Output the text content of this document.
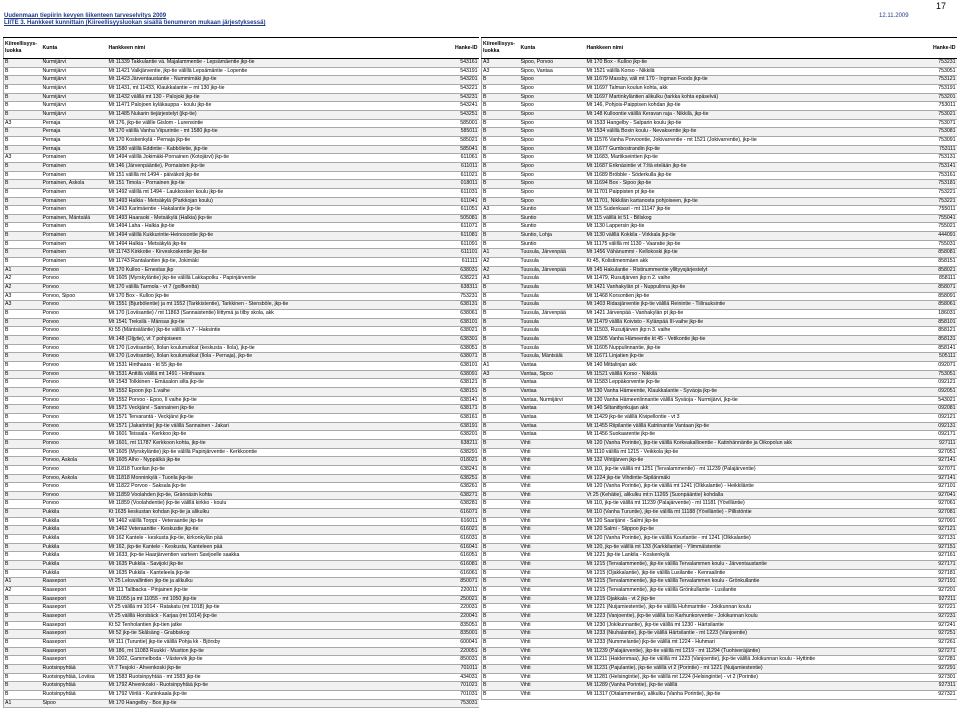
17
Uudenmaan tiepiirin kevyen liikenteen tarveselvitys 2009
LIITE 3. Hankkeet kunnittain (Kiireellisyysluokan sisällä tienumeron mukaan järjestyksessä)
12.11.2009
Kiireellisyys-luokka	Kunta	Hankkeen nimi	Hanke-ID
B	Nurmijärvi	Mt 11339 Takkulantie vä. Majalammentie - Lepsämäentie jkp-tie	543161
B	Nurmijärvi	Mt 11421 Valkjärventie, jkp-tie välillä Lepsämäntie - Lopentie	543191
B	Nurmijärvi	Mt 11423 Järventaustantie - Nummimäki jkp-tie	543201
B	Nurmijärvi	Mt 11431, mt 11433, Klaukkalantie – mt 130 jkp-tie	543221
B	Nurmijärvi	Mt 11432 välillä mt 130 - Palojoki jkp-tie	543231
B	Nurmijärvi	Mt 11471 Palojoen kyläkauppa - koulu jkp-tie	543241
B	Nurmijärvi	Mt 11485 Nukarin tiejärjestelyt (jkp-tie)	543251
A3	Pernaja	Mt 176, jkp-tie välille Gislom - Lurensintie	585001
B	Pernaja	Mt 170 välillä Vanha Viipurintie - mt 1580 jkp-tie	585011
B	Pernaja	Mt 170 Koskenkylä - Pernaja jkp-tie	585021
B	Pernaja	Mt 1580 välillä Eddintie - Kabböletie, jkp-tie	585041
A3	Pornainen	Mt 1494 välillä Jokimäki-Pornainen (Kotojärvi) jkp-tie	611061
B	Pornainen	Mt 146 (Järvenpääntie), Pornaisten jkp-tie	611011
B	Pornainen	Mt 151 välillä mt 1494 - päiväkoti jkp-tie	611021
B	Pornainen, Askola	Mt 151 Timola - Pornainen jkp-tie	018011
B	Pornainen	Mt 1492 välillä mt 1494 - Laukkosken koulu jkp-tie	611031
B	Pornainen	Mt 1493 Halkia - Metsäkylä (Parkkojan koulu)	611041
B	Pornainen	Mt 1493 Karimäentie - Hakalantie jkp-tie	611051
B	Pornainen, Mäntsälä	Mt 1493 Haaraoki - Metsäkylä (Halkia) jkp-tie	505081
B	Pornainen	Mt 1494 Laha - Halkia jkp-tie	611071
B	Pornainen	Mt 1494 välillä Kukkurintie-Heinosontie jkp-tie	611081
B	Pornainen	Mt 1494 Halkia - Metsäkylä jkp-tie	611091
B	Pornainen	Mt 11743 Kirkkotie - Kirveskoskentie jkp-tie	611101
B	Pornainen	Mt 11743 Rantalantien jkp-tie, Jokimäki	611111
A1	Porvoo	Mt 170 Kulloo - Ernestas jkp	638031
A2	Porvoo	Mt 1605 (Myrskyläntie) jkp-tie välillä Lakkapolku - Papinjärventie	638221
A2	Porvoo	Mt 170 välillä Tarmola - vt 7 (golfkenttä)	638311
A3	Porvoo, Sipoo	Mt 170 Box - Kulloo jkp-tie	753231
A3	Porvoo	Mt 1551 (Bjurbölentie) ja mt 1552 (Tarkkistentie), Tarkkinen - Stensböle, jkp-tie	638131
B	Porvoo	Mt 170 (Loviisantie) / mt 11863 (Sannaistentie) liittymä ja tilby skola, akk	638061
B	Porvoo	Mt 1541 Treksilä - Mänsas jkp-tie	638101
B	Porvoo	Kt 55 (Mäntsäläntie) jkp-tie välillä vt 7 - Haksintie	638021
B	Porvoo	Mt 148 (Oljytie), vt 7 pohjoiseen	638301
B	Porvoo	Mt 170 (Loviisantie), Ilolan koulumatkat (keskusta - Ilola), jkp-tie	638051
B	Porvoo	Mt 170 (Loviisantie), Ilolan koulumatkat (Ilola - Pernaja), jkp-tie	638071
B	Porvoo	Mt 1531 Hinthaara - kt 55 jkp-tie	638101
B	Porvoo	Mt 1531 Anttilä välillä mt 1491 - Hinthaara	638091
B	Porvoo	Mt 1543 Tolkkinen - Emäsalon silta jkp-tie	638121
B	Porvoo	Mt 1552 Epoon jkp 1.vaihe	638151
B	Porvoo	Mt 1552 Porvoo - Epoo, II vaihe jkp-tie	638141
B	Porvoo	Mt 1571 Veckjärvi - Sannainen jkp-tie	638171
B	Porvoo	Mt 1571 Tervarantä - Veckjärvi jkp-tie	638161
B	Porvoo	Mt 1571 (Jakarintie) jkp-tie välillä Sannainen - Jakari	638191
B	Porvoo	Mt 1601 Teissala - Kerkkoo jkp-tie	638201
B	Porvoo	Mt 1601, mt 11787 Kerkkoon kohta, jkp-tie	638211
B	Porvoo	Mt 1605 (Myrskyläntie) jkp-tie välillä Papinjärventie - Kerkkoontie	638291
B	Porvoo, Askola	Mt 1605 Alho - Nyppälkä jkp-tie	018021
B	Porvoo	Mt 11818 Tuorilan jkp-tie	638241
B	Porvoo, Askola	Mt 11818 Monninkylä - Tuorila jkp-tie	638251
B	Porvoo	Mt 11822 Porvoo - Saksala jkp-tie	638261
B	Porvoo	Mt 11859 Voolahden jkp-tie, Grännäsin kohta	638271
B	Porvoo	Mt 11859 (Voolahdentie) jkp-tie välillä kirkko - koulu	638281
B	Pukkila	Kt 1635 keskustan kohdan jkp-tie ja alikulku	616071
B	Pukkila	Mt 1462 välillä Torppi - Veteraantie jkp-tie	616011
B	Pukkila	Mt 1462 Veteraanitie - Keskustie jkp-tie	616021
B	Pukkila	Mt 162 Kantele - keskusta jkp-tie, kirkonkylän pää	616031
B	Pukkila	Mt 162, jkp-tie Kantele - Keskusta, Kanteleen pää	616041
B	Pukkila	Mt 1633, jkp-tie Haarjärventien varteen Savijoelle saakka	616051
B	Pukkila	Mt 1635 Pukkila - Savijoki jkp-tie	616081
B	Pukkila	Mt 1635 Pukkila - Kanteleela jkp-tie	616061
A1	Raasepori	Vt 25 Leksvallintien jkp-tie ja alikulku	850071
A2	Raasepori	Mt 111 Tallbacka - Pinjainen jkp-tie	220011
B	Raasepori	Mt 11055 ja mt 11055 - mt 1050 jkp-tie	250021
B	Raasepori	Vt 25 välillä mt 1014 - Ratakatu (mt 1018) jkp-tie	220031
B	Raasepori	Vt 25 välillä Horsbäck - Karjaa (mt 1014) jkp-tie	220041
B	Raasepori	Kt 52 Tenholantien jkp-tien jatke	835051
B	Raasepori	Mt 52 jkp-tie Skålsäng - Grabbskog	835001
B	Raasepori	Mt 111 (Turuntie) jkp-tie välillä Pohja kk - Björsby	600041
B	Raasepori	Mt 186, mt 11083 Ruukki - Mustion jkp-tie	220051
B	Raasepori	Mt 1002, Gammelboda - Västervik jkp-tie	850031
B	Ruotsinpyhtää	Vt 7 Tesjoki - Ahvenkoski jkp-tie	701011
B	Ruotsinpyhtää, Loviisa	Mt 1583 Ruotsinpyhtää - mt 1583 jkp-tie	434031
B	Ruotsinpyhtää	Mt 1792 Ahvenkoski - Ruotsinpyhtää jkp-tie	701021
B	Ruotsinpyhtää	Mt 1792 Viirilä - Kuninkaala jkp-tie	701031
A1	Sipoo	Mt 170 Hangelby - Box jkp-tie	753031
Kiireellisyys-luokka	Kunta	Hankkeen nimi	Hanke-ID
A3	Sipoo, Porvoo	Mt 170 Box - Kulloo jkp-tie	753231
A3	Sipoo, Vantaa	Mt 1521 välillä Korso - Nikkilä	753051
B	Sipoo	Mt 11679 Massby, väli mt 170 - Ingman Foods jkp-tie	753121
B	Sipoo	Mt 11697 Talman koulun kohta, akk	753191
B	Sipoo	Mt 11697 Martinkyläntien alikulku (tarkka kohta epäselvä)	753201
B	Sipoo	Mt 146, Pohjois-Paippisen kohdan jkp-tie	753011
B	Sipoo	Mt 148 Kulloontie välillä Keravan raja - Nikkilä, jkp-tie	753021
B	Sipoo	Mt 1533 Hangelby - Salparin koulu jkp-tie	753071
B	Sipoo	Mt 1534 välillä Boxin koulu - Nevaksentie jkp-tie	753081
B	Sipoo	Mt 11576 Vanha Porvoontie, Jokivarrentie - mt 1521 (Jokivarrentie), jkp-tie	753091
B	Sipoo	Mt 11677 Gumbostrandin jkp-tie	753111
B	Sipoo	Mt 11683, Martikseintien jkp-tie	753131
B	Sipoo	Mt 11687 Eriknäsintie vt 7:ltä etelään jkp-tie	753141
B	Sipoo	Mt 11689 Bröbble - Söderkulla jkp-tie	753161
B	Sipoo	Mt 11694 Box - Sipoo jkp-tie	753181
B	Sipoo	Mt 11701 Paippisten pt jkp-tie	753221
B	Sipoo	Mt 11701, Nikkilän kartanosta pohjoiseen, jkp-tie	753221
A3	Siuntio	Mt 115 Sudenkaari - mt 11147 jkp-tie	755011
B	Siuntio	Mt 115 välillä kt 51 - Billskog	755041
B	Siuntio	Mt 1130 Lappersin jkp-tie	755021
B	Siuntio, Lohja	Mt 1130 välillä Kokkila - Virkkala jkp-tie	444091
B	Siuntio	Mt 11175 välillä mt 1130 - Vaaratie jkp-tie	755031
A1	Tuusula, Järvenpää	Mt 1456 Vähänummi - Kellokoski jkp-tie	858081
A2	Tuusula	Kt 45, Kolistimenmäen akk	858151
A2	Tuusula, Järvenpää	Mt 145 Hakulantie - Ristinummentie yllityysjärjestelyt	858021
A3	Tuusula	Mt 11479, Rusutjärven jkp:n 2. vaihe	858111
B	Tuusula	Mt 1421 Vanhakylän pt - Nuppulinna jkp-tie	858071
B	Tuusula	Mt 11468 Korsontien jkp-tie	858091
B	Tuusula	Mt 1403 Ridasjärventie jkp-tie välillä Reinintie - Tiilirauksintie	858061
B	Tuusula, Järvenpää	Mt 1421 Järvenpää - Vanhakylän pt jkp-tie	186031
B	Tuusula	Mt 11479 välillä Koivisto - Kylänpää III-vaihe jkp-tie	858101
B	Tuusula	Mt 11503, Rusutjärven jkp:n 3. vaihe	858121
B	Tuusula	Mt 11505 Vanha Hämeentie kt 45 - Vetikontie jkp-tie	858131
B	Tuusula	Mt 11605 Nuppulinnantie, jkp-tie	858141
B	Tuusula, Mäntsälä	Mt 11671 Linjatien jkp-tie	505111
A1	Vantaa	Mt 140 Mittalinjan akk	092071
A3	Vantaa, Sipoo	Mt 11521 välillä Korso - Nikkilä	753051
B	Vantaa	Mt 11583 Leppäkorventie jkp-tie	092121
B	Vantaa	Mt 130 Vanha Hämeentie, Klaukkalantie - Syväoja jkp-tie	092051
B	Vantaa, Nurmijärvi	Mt 130 Vanha Hämeenlinnantie välillä Syväoja - Nurmijärvi, jkp-tie	543021
B	Vantaa	Mt 140 Siltanittynkujan akk	092081
B	Vantaa	Mt 11429 jkp-tie välillä Kivipellontie - vt 3	092121
B	Vantaa	Mt 11455 Riipilantie välillä Katriinantie Vantaan jkp-tie	092131
B	Vantaa	Mt 11456 Suokaarentie jkp-tie	092171
B	Vihti	Mt 120 (Vanha Porintie), jkp-tie välillä Korkeakallioentie - Katinhännäntie ja Oikopolun akk	927111
B	Vihti	Mt 1110 välillä mt 1215 - Veikkola jkp-tie	927051
B	Vihti	Mt 132 Vihtijärven jkp-tie	927141
B	Vihti	Mt 110, jkp-tie välillä mt 1251 (Tervalammentie) - mt 11239 (Palajärventie)	927071
B	Vihti	Mt 1224 jkp-tie Vihdintie-Sipilänmäki	927141
B	Vihti	Mt 120 (Vanha Porintie), jkp-tie välillä mt 1241 (Olkkalantie) - Heikkiläntie	927101
B	Vihti	Vt 25 (Kehätie), alikulku mt:n 11265 (Suonpääntie) kohdalla	927041
B	Vihti	Mt 110, jkp-tie välillä mt 11239 (Palajärventie) - mt 11181 (Yövilläntie)	927061
B	Vihti	Mt 110 (Vanha Turuntie), jkp-tie välillä mt 11188 (Yövilläntie) - Pillistöntie	927081
B	Vihti	Mt 120 Saarijärvi - Salmi jkp-tie	927091
B	Vihti	Mt 120 Salmi - Siippoo jkp-tie	927121
B	Vihti	Mt 120 (Vanha Porintie), jkp-tie välillä Kourlantie - mt 1241 (Olkkalantie)	927131
B	Vihti	Mt 120, jkp-tie välillä mt 133 (Karkkilantie) - Ylimmäistentie	927151
B	Vihti	Mt 1221 jkp-tie Lankila - Koskenkylä	927161
B	Vihti	Mt 1215 (Tervalammentie), jkp-tie välillä Tervalammen koulu - Järventaustantie	927171
B	Vihti	Mt 1215 (Ojakkalantie), jkp-tie välillä Lusilantie - Kenraalintie	927181
B	Vihti	Mt 1215 (Tervalammentie), jkp-tie välillä Tervalammen koulu - Grönkullantie	927191
B	Vihti	Mt 1215 (Tervalammentie), jkp-tie välillä Grönkullantie - Lusilantie	927201
B	Vihti	Mt 1215 Ojakkala - vt 2 jkp-tie	927211
B	Vihti	Mt 1221 (Nuijamiestentie), jkp-tie välillä Huhmarintie - Jokikunnan koulu	927221
B	Vihti	Mt 1223 (Vanjoentie), jkp-tie välillä Iso Karhunkorventie - Jokikunnan koulu	927231
B	Vihti	Mt 1230 (Jokikunnantie), jkp-tie välillä mt 1230 - Härtsilantie	927241
B	Vihti	Mt 1233 (Niuhalantie), jkp-tie välillä Härtsilantie - mt 1223 (Vanjoentie)	927251
B	Vihti	Mt 1233 (Nummelantie) jkp-tie välillä mt 1224 - Huhmari	927261
B	Vihti	Mt 11239 (Palajärventie), jkp-tie välillä mt 1219 - mt 11294 (Tuohiveräjäntie)	927271
B	Vihti	Mt 11211 (Haidenmaa), jkp-tie välillä mt 1223 (Vanjoentie), jkp-tie välillä Jokikunnan koulu - Hyttintie	927281
B	Vihti	Mt 11231 (Pajulantie), jkp-tie välillä vt 2 (Porintie) - mt 1221 (Nuijamiestentie)	927291
B	Vihti	Mt 11281 (Helsingintie), jkp-tie välillä mt 1224 (Helsingintie) - vt 2 (Porintie)	927301
B	Vihti	Mt 11289 (Vanha Porintie), jkp-tie välillä	927311
B	Vihti	Mt 11317 (Otalammentie), alikulku (Vanha Porintie), jkp-tie	927321
